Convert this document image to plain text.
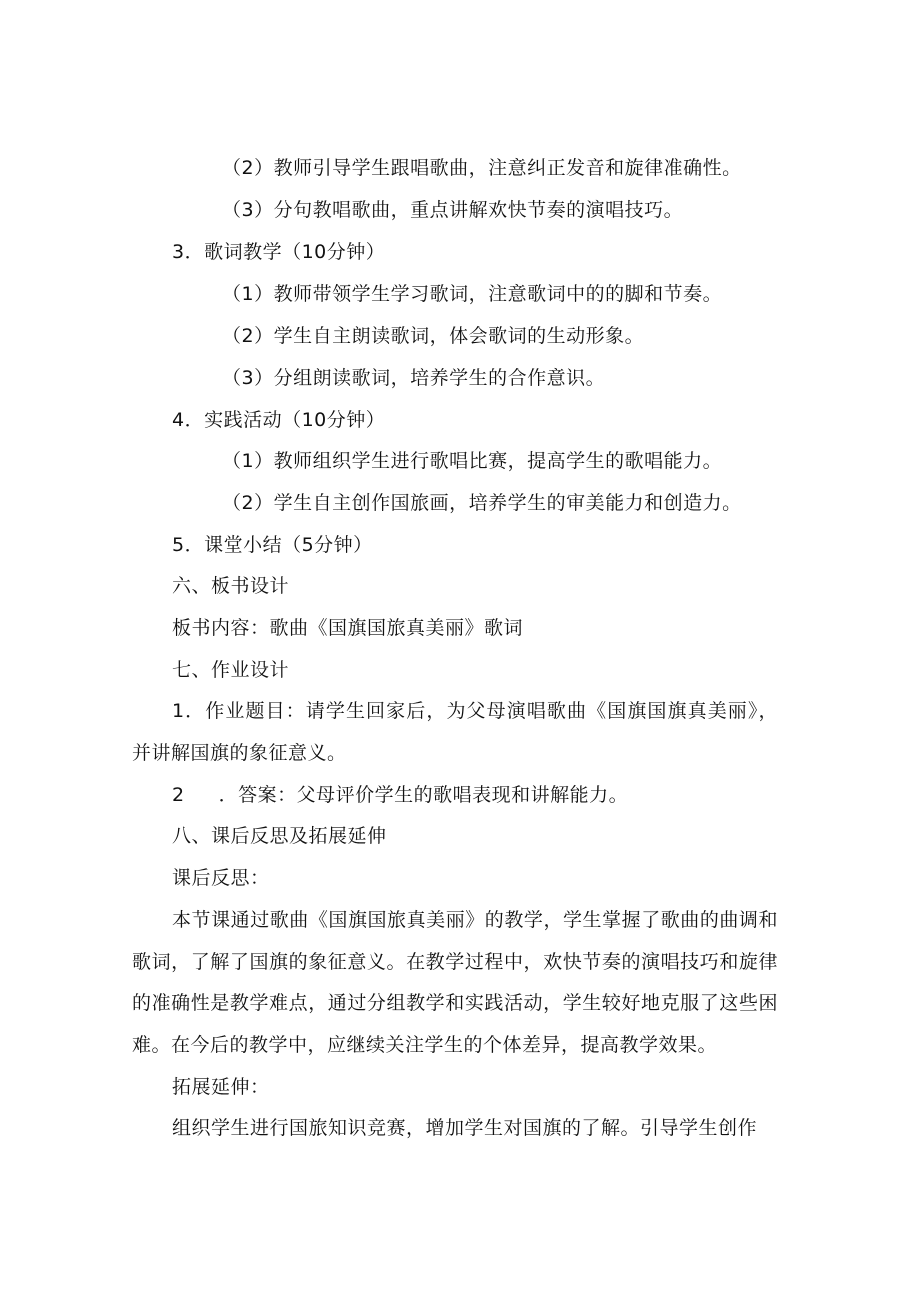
（2）教师引导学生跟唱歌曲，注意纠正发音和旋律准确性。
（3）分句教唱歌曲，重点讲解欢快节奏的演唱技巧。
3．歌词教学（10分钟）
（1）教师带领学生学习歌词，注意歌词中的的脚和节奏。
（2）学生自主朗读歌词，体会歌词的生动形象。
（3）分组朗读歌词，培养学生的合作意识。
4．实践活动（10分钟）
（1）教师组织学生进行歌唱比赛，提高学生的歌唱能力。
（2）学生自主创作国旅画，培养学生的审美能力和创造力。
5．课堂小结（5分钟）
六、板书设计
板书内容：歌曲《国旗国旅真美丽》歌词
七、作业设计
1．作业题目：请学生回家后，为父母演唱歌曲《国旗国旗真美丽》，
并讲解国旗的象征意义。
2 ．答案：父母评价学生的歌唱表现和讲解能力。
八、课后反思及拓展延伸
课后反思：
本节课通过歌曲《国旗国旅真美丽》的教学，学生掌握了歌曲的曲调和
歌词，了解了国旗的象征意义。在教学过程中，欢快节奏的演唱技巧和旋律
的准确性是教学难点，通过分组教学和实践活动，学生较好地克服了这些困
难。在今后的教学中，应继续关注学生的个体差异，提高教学效果。
拓展延伸：
组织学生进行国旅知识竞赛，增加学生对国旗的了解。引导学生创作
